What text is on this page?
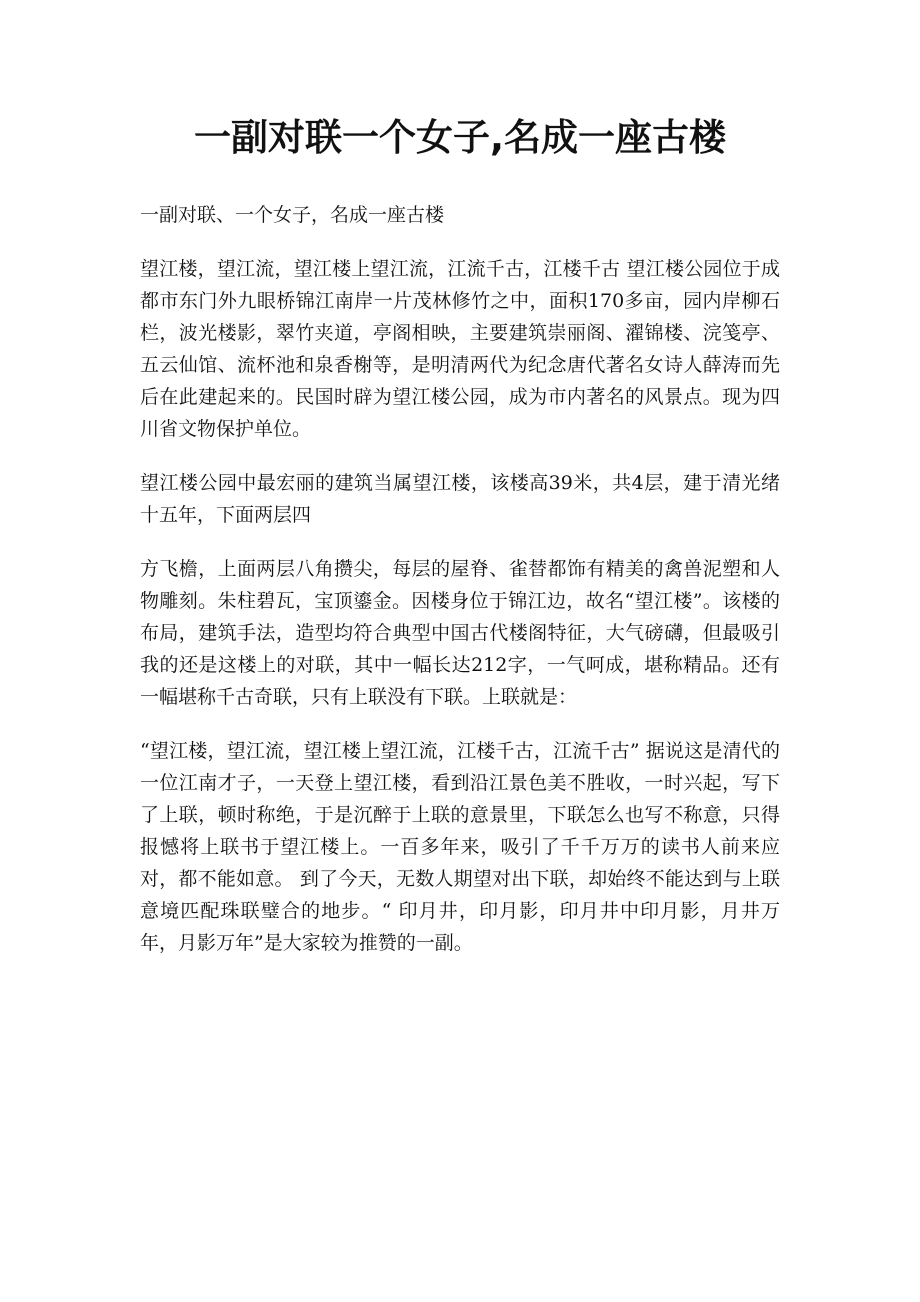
一副对联一个女子,名成一座古楼

一副对联、一个女子，名成一座古楼

望江楼，望江流，望江楼上望江流，江流千古，江楼千古 望江楼公园位于成都市东门外九眼桥锦江南岸一片茂林修竹之中，面积170多亩，园内岸柳石栏，波光楼影，翠竹夹道，亭阁相映，主要建筑崇丽阁、濯锦楼、浣笺亭、五云仙馆、流杯池和泉香榭等，是明清两代为纪念唐代著名女诗人薛涛而先后在此建起来的。民国时辟为望江楼公园，成为市内著名的风景点。现为四川省文物保护单位。

望江楼公园中最宏丽的建筑当属望江楼，该楼高39米，共4层，建于清光绪十五年，下面两层四

方飞檐，上面两层八角攒尖，每层的屋脊、雀替都饰有精美的禽兽泥塑和人物雕刻。朱柱碧瓦，宝顶鎏金。因楼身位于锦江边，故名“望江楼”。该楼的布局，建筑手法，造型均符合典型中国古代楼阁特征，大气磅礴，但最吸引我的还是这楼上的对联，其中一幅长达212字，一气呵成，堪称精品。还有一幅堪称千古奇联，只有上联没有下联。上联就是：

“望江楼，望江流，望江楼上望江流，江楼千古，江流千古” 据说这是清代的一位江南才子，一天登上望江楼，看到沿江景色美不胜收，一时兴起，写下了上联，顿时称绝，于是沉醉于上联的意景里，下联怎么也写不称意，只得报憾将上联书于望江楼上。一百多年来，吸引了千千万万的读书人前来应对，都不能如意。 到了今天，无数人期望对出下联，却始终不能达到与上联意境匹配珠联璧合的地步。“ 印月井，印月影，印月井中印月影，月井万年，月影万年”是大家较为推赞的一副。
